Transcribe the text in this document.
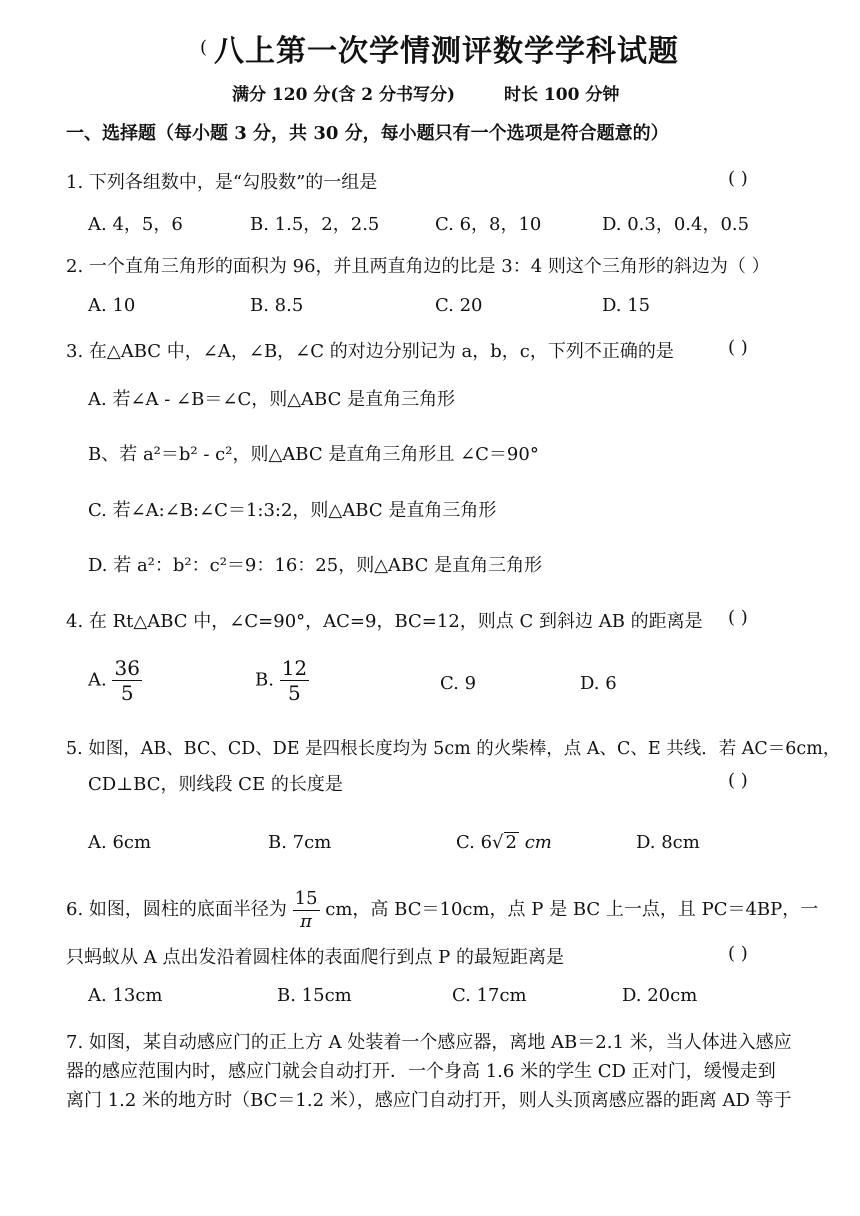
( 八上第一次学情测评数学学科试题
满分 120 分(含 2 分书写分)	时长 100 分钟
一、选择题（每小题 3 分，共 30 分，每小题只有一个选项是符合题意的）
1. 下列各组数中，是“勾股数”的一组是	( )
A. 4，5，6	B. 1.5，2，2.5	C. 6，8，10	D. 0.3，0.4，0.5
2. 一个直角三角形的面积为 96，并且两直角边的比是 3：4 则这个三角形的斜边为（ ）
A. 10	B. 8.5	C. 20	D. 15
3. 在△ABC 中，∠A，∠B，∠C 的对边分别记为 a，b，c，下列不正确的是	( )
A. 若∠A - ∠B＝∠C，则△ABC 是直角三角形
B、若 a²＝b² - c²，则△ABC 是直角三角形且 ∠C＝90°
C. 若∠A:∠B:∠C＝1:3:2，则△ABC 是直角三角形
D. 若 a²：b²：c²＝9：16：25，则△ABC 是直角三角形
4. 在 Rt△ABC 中，∠C=90°，AC=9，BC=12，则点 C 到斜边 AB 的距离是 ( )
A. $\frac{36}{5}$	B. $\frac{12}{5}$	C. 9	D. 6
5. 如图，AB、BC、CD、DE 是四根长度均为 5cm 的火柴棒，点 A、C、E 共线．若 AC＝6cm，
CD⊥BC，则线段 CE 的长度是	( )
A. 6cm	B. 7cm	C. 6√ 2 cm	D. 8cm
6. 如图，圆柱的底面半径为 $\frac{15}{\pi}$ cm，高 BC＝10cm，点 P 是 BC 上一点，且 PC＝4BP，一
只蚂蚁从 A 点出发沿着圆柱体的表面爬行到点 P 的最短距离是	( )
A. 13cm	B. 15cm	C. 17cm	D. 20cm
7. 如图，某自动感应门的正上方 A 处装着一个感应器，离地 AB＝2.1 米，当人体进入感应
器的感应范围内时，感应门就会自动打开．一个身高 1.6 米的学生 CD 正对门，缓慢走到
离门 1.2 米的地方时（BC＝1.2 米），感应门自动打开，则人头顶离感应器的距离 AD 等于
